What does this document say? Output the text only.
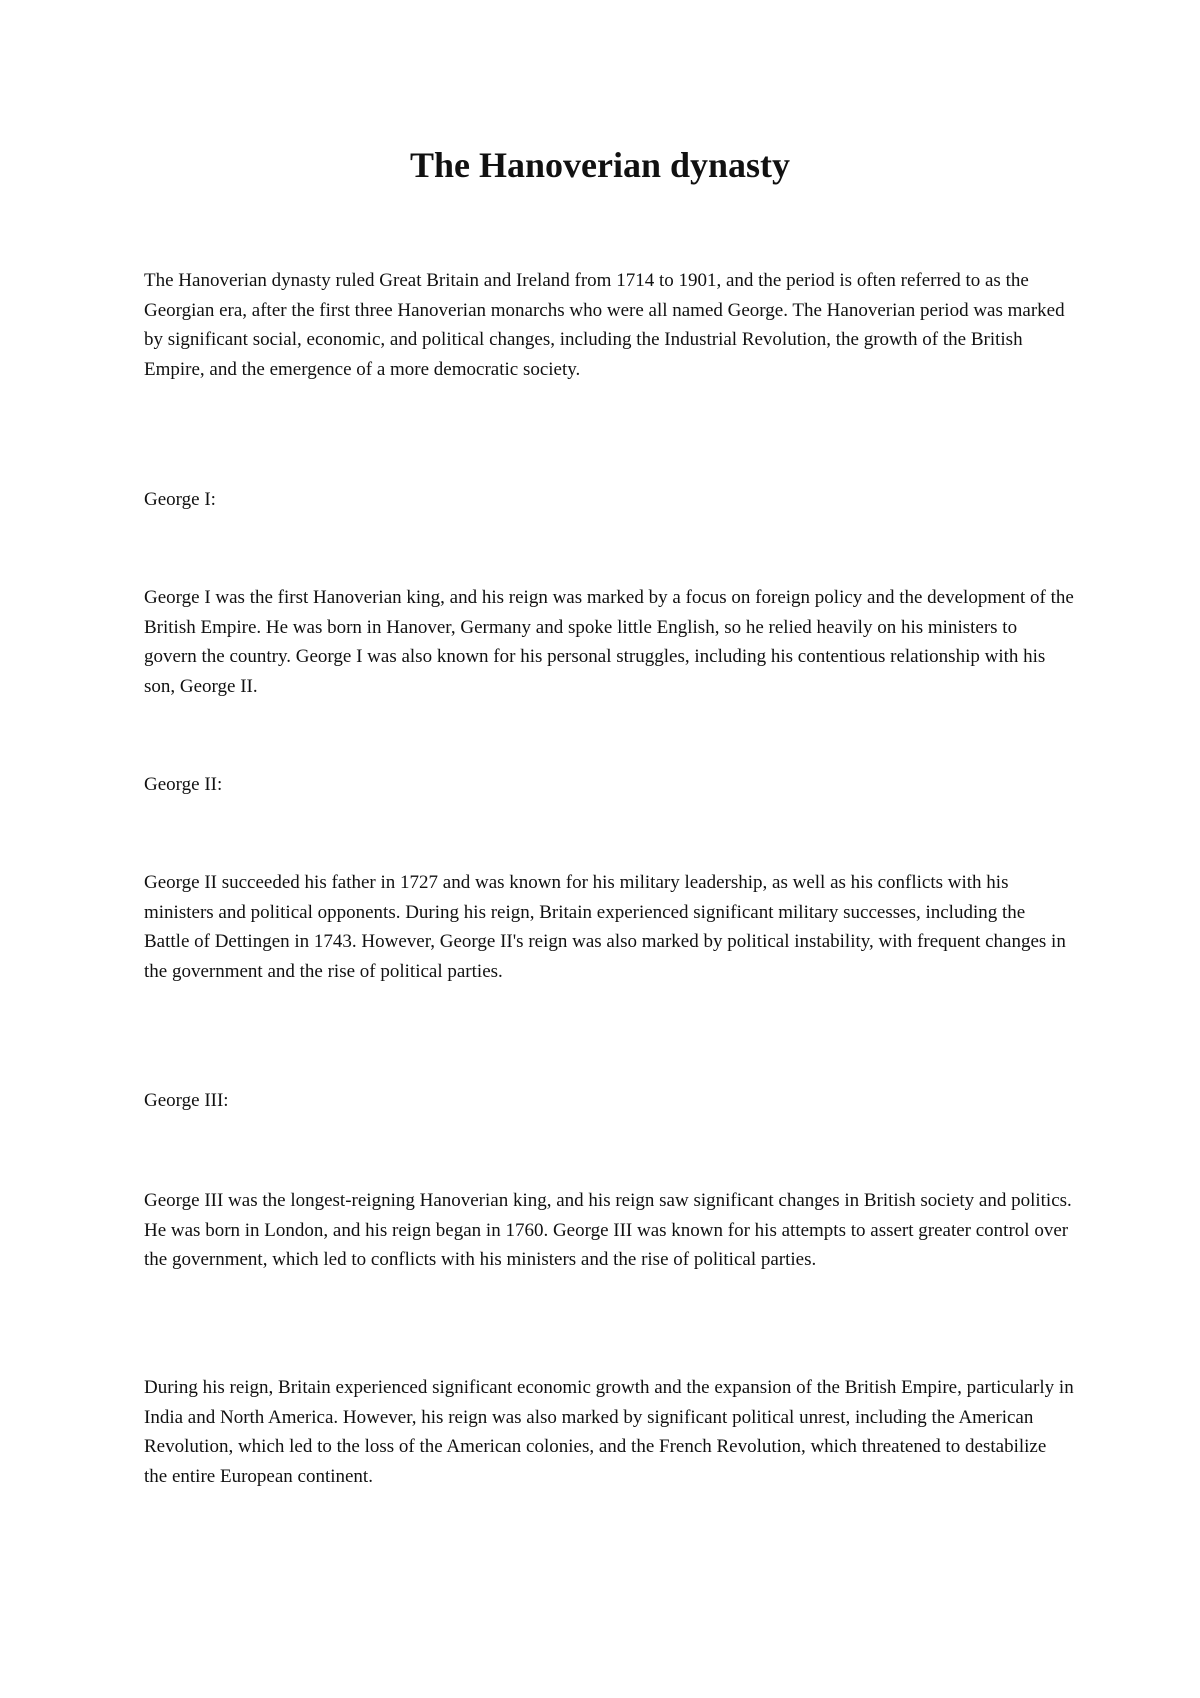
The Hanoverian dynasty

The Hanoverian dynasty ruled Great Britain and Ireland from 1714 to 1901, and the period is often referred to as the Georgian era, after the first three Hanoverian monarchs who were all named George. The Hanoverian period was marked by significant social, economic, and political changes, including the Industrial Revolution, the growth of the British Empire, and the emergence of a more democratic society.

George I:

George I was the first Hanoverian king, and his reign was marked by a focus on foreign policy and the development of the British Empire. He was born in Hanover, Germany and spoke little English, so he relied heavily on his ministers to govern the country. George I was also known for his personal struggles, including his contentious relationship with his son, George II.

George II:

George II succeeded his father in 1727 and was known for his military leadership, as well as his conflicts with his ministers and political opponents. During his reign, Britain experienced significant military successes, including the Battle of Dettingen in 1743. However, George II's reign was also marked by political instability, with frequent changes in the government and the rise of political parties.

George III:

George III was the longest-reigning Hanoverian king, and his reign saw significant changes in British society and politics. He was born in London, and his reign began in 1760. George III was known for his attempts to assert greater control over the government, which led to conflicts with his ministers and the rise of political parties.

During his reign, Britain experienced significant economic growth and the expansion of the British Empire, particularly in India and North America. However, his reign was also marked by significant political unrest, including the American Revolution, which led to the loss of the American colonies, and the French Revolution, which threatened to destabilize the entire European continent.
